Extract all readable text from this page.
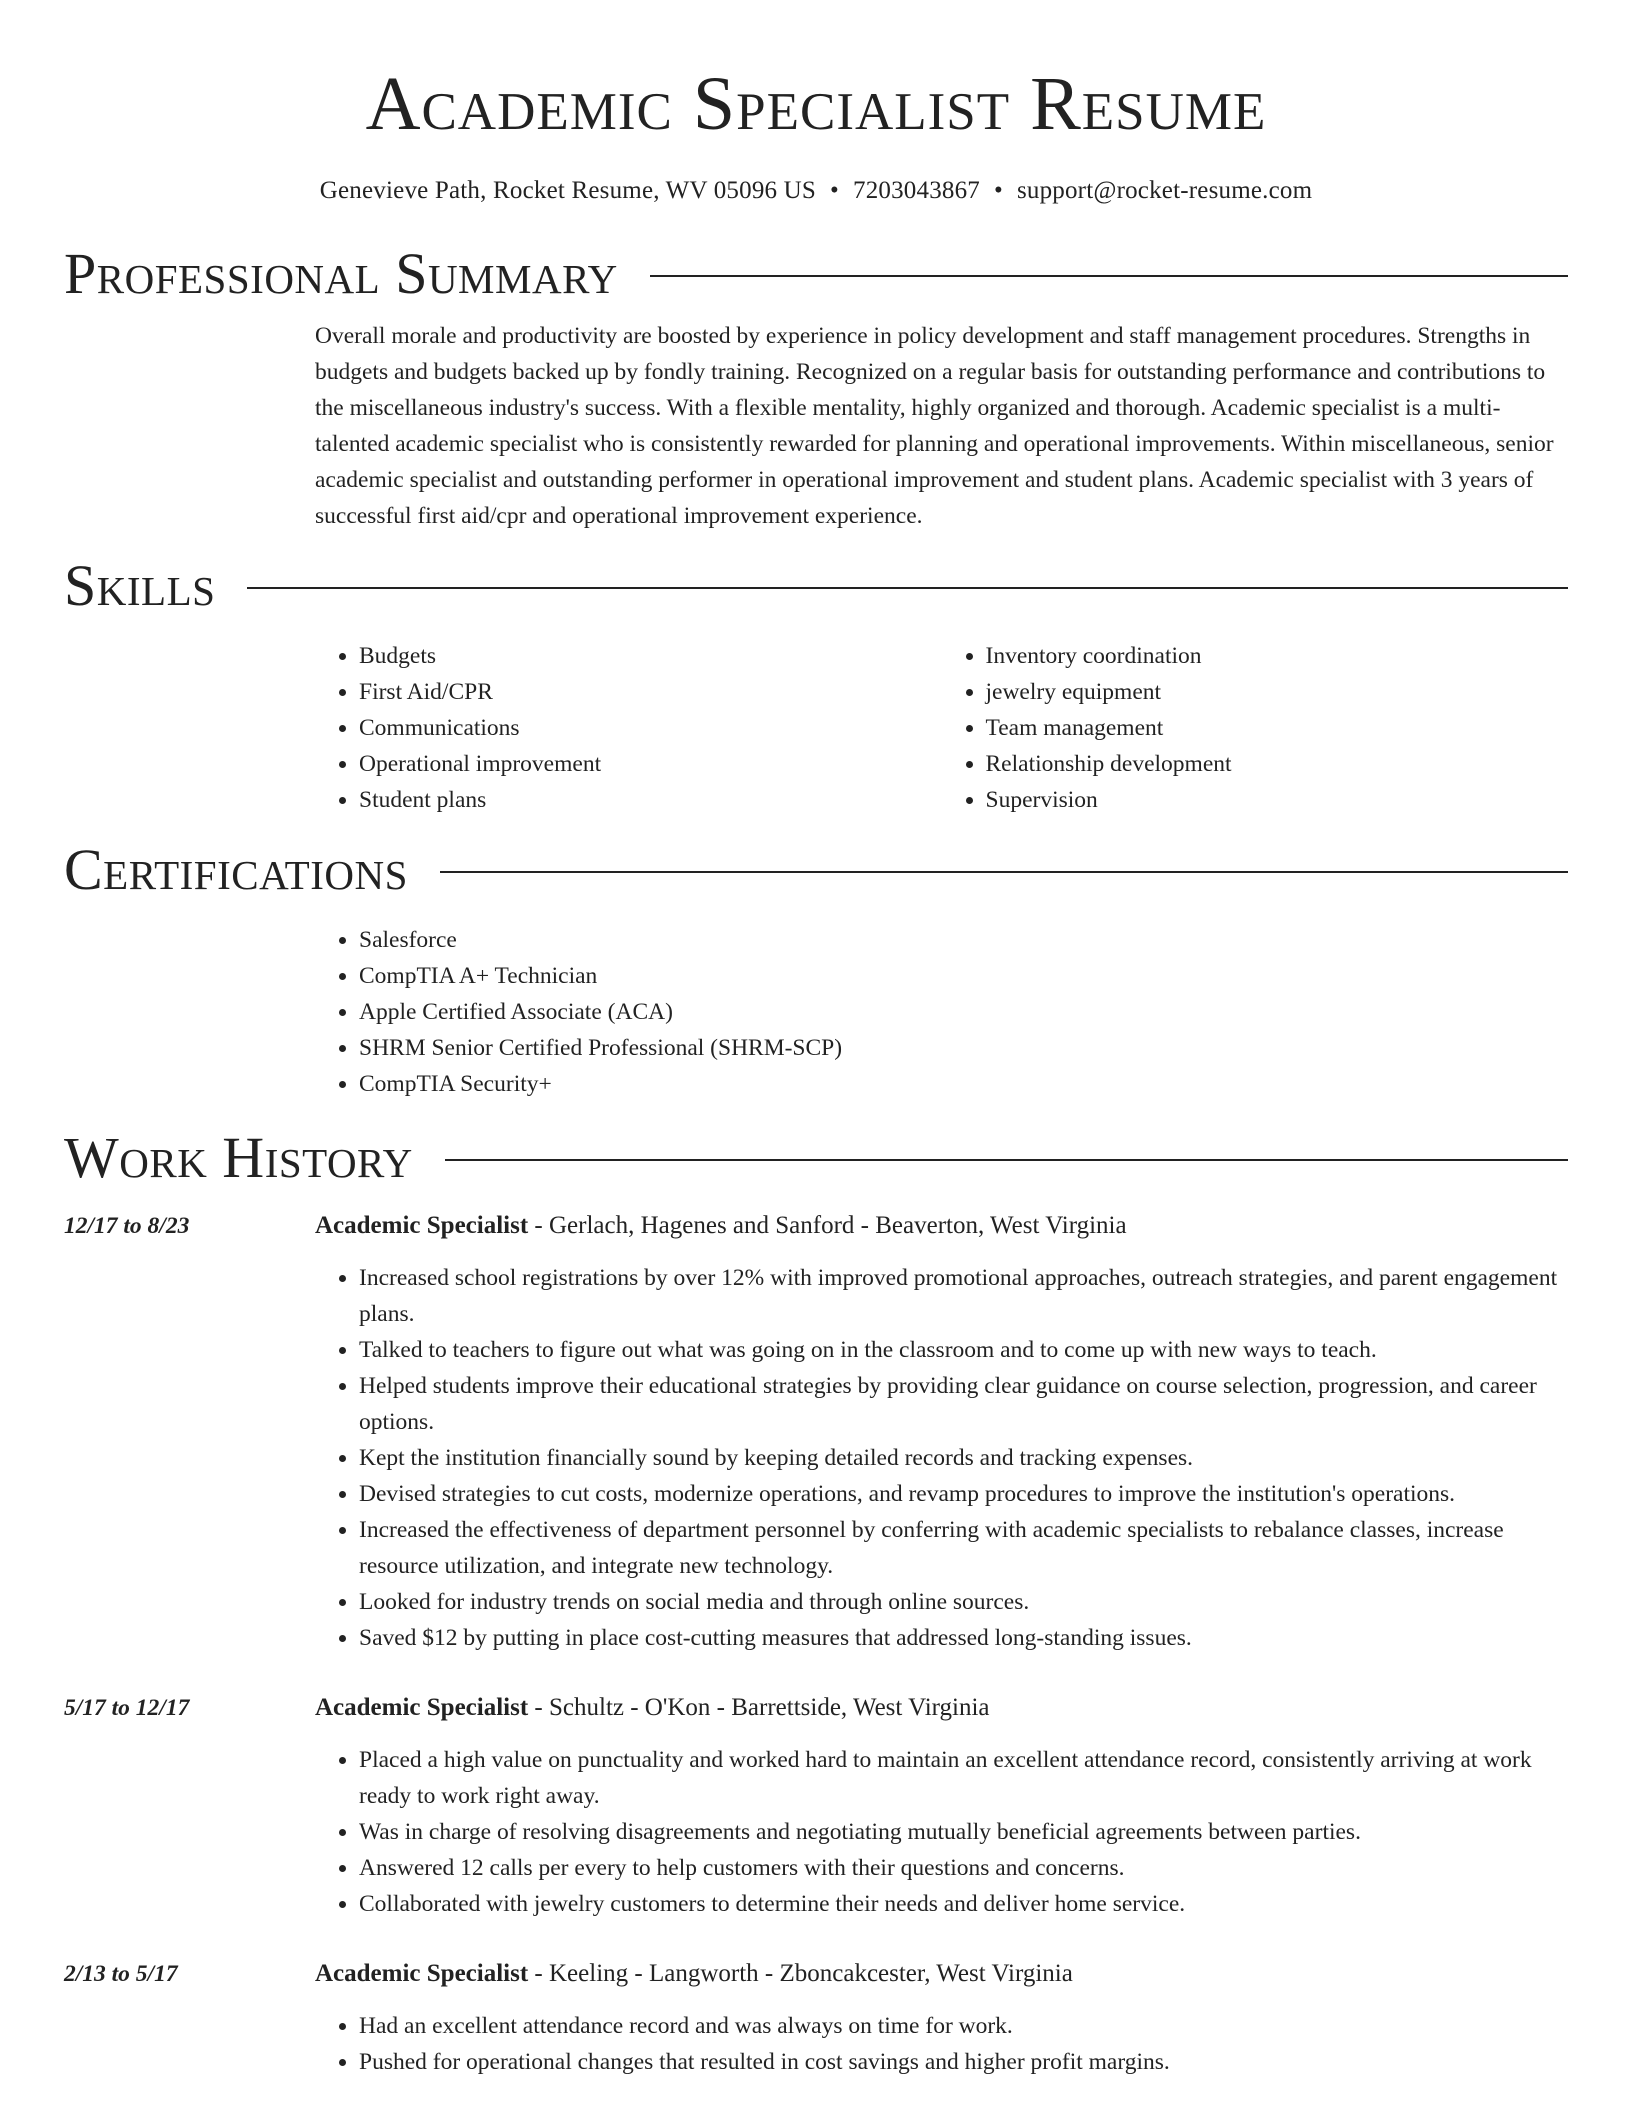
Academic Specialist Resume
Genevieve Path, Rocket Resume, WV 05096 US • 7203043867 • support@rocket-resume.com
Professional Summary
Overall morale and productivity are boosted by experience in policy development and staff management procedures. Strengths in budgets and budgets backed up by fondly training. Recognized on a regular basis for outstanding performance and contributions to the miscellaneous industry's success. With a flexible mentality, highly organized and thorough. Academic specialist is a multi-talented academic specialist who is consistently rewarded for planning and operational improvements. Within miscellaneous, senior academic specialist and outstanding performer in operational improvement and student plans. Academic specialist with 3 years of successful first aid/cpr and operational improvement experience.
Skills
• Budgets
• First Aid/CPR
• Communications
• Operational improvement
• Student plans
• Inventory coordination
• jewelry equipment
• Team management
• Relationship development
• Supervision
Certifications
• Salesforce
• CompTIA A+ Technician
• Apple Certified Associate (ACA)
• SHRM Senior Certified Professional (SHRM-SCP)
• CompTIA Security+
Work History
12/17 to 8/23	Academic Specialist - Gerlach, Hagenes and Sanford - Beaverton, West Virginia
• Increased school registrations by over 12% with improved promotional approaches, outreach strategies, and parent engagement plans.
• Talked to teachers to figure out what was going on in the classroom and to come up with new ways to teach.
• Helped students improve their educational strategies by providing clear guidance on course selection, progression, and career options.
• Kept the institution financially sound by keeping detailed records and tracking expenses.
• Devised strategies to cut costs, modernize operations, and revamp procedures to improve the institution's operations.
• Increased the effectiveness of department personnel by conferring with academic specialists to rebalance classes, increase resource utilization, and integrate new technology.
• Looked for industry trends on social media and through online sources.
• Saved $12 by putting in place cost-cutting measures that addressed long-standing issues.
5/17 to 12/17	Academic Specialist - Schultz - O'Kon - Barrettside, West Virginia
• Placed a high value on punctuality and worked hard to maintain an excellent attendance record, consistently arriving at work ready to work right away.
• Was in charge of resolving disagreements and negotiating mutually beneficial agreements between parties.
• Answered 12 calls per every to help customers with their questions and concerns.
• Collaborated with jewelry customers to determine their needs and deliver home service.
2/13 to 5/17	Academic Specialist - Keeling - Langworth - Zboncakcester, West Virginia
• Had an excellent attendance record and was always on time for work.
• Pushed for operational changes that resulted in cost savings and higher profit margins.
